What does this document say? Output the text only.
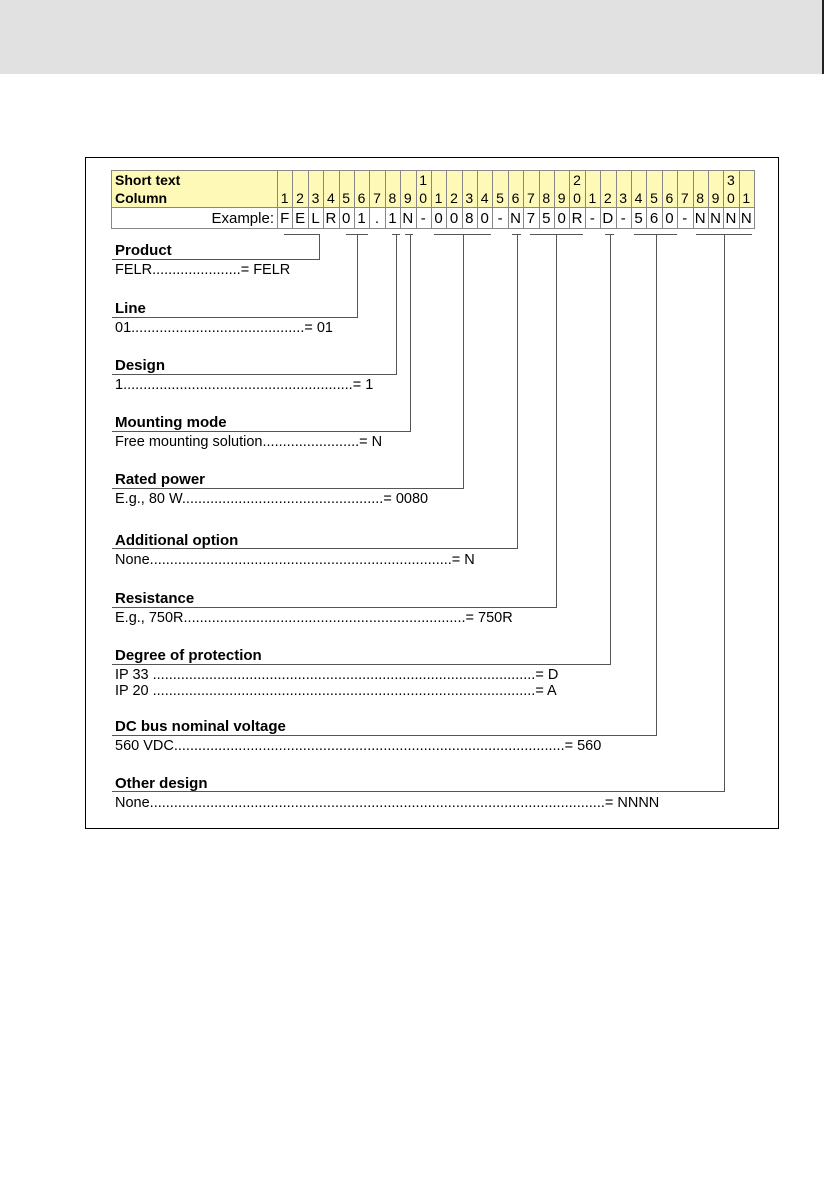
Short text
Column
Example:
1
F
2
E
3
L
4
R
5
0
6
1
7
.
8
1
9
N
1
0
-
1
0
2
0
3
8
4
0
5
-
6
N
7
7
8
5
9
0
2
0
R
1
-
2
D
3
-
4
5
5
6
6
0
7
-
8
N
9
N
3
0
N
1
N
Product
FELR......................= FELR
Line
01...........................................= 01
Design
1.........................................................= 1
Mounting mode
Free mounting solution........................= N
Rated power
E.g., 80 W..................................................= 0080
Additional option
None...........................................................................= N
Resistance
E.g., 750R......................................................................= 750R
Degree of protection
IP 33 ...............................................................................................= D
IP 20 ...............................................................................................= A
DC bus nominal voltage
560 VDC.................................................................................................= 560
Other design
None.................................................................................................................= NNNN
